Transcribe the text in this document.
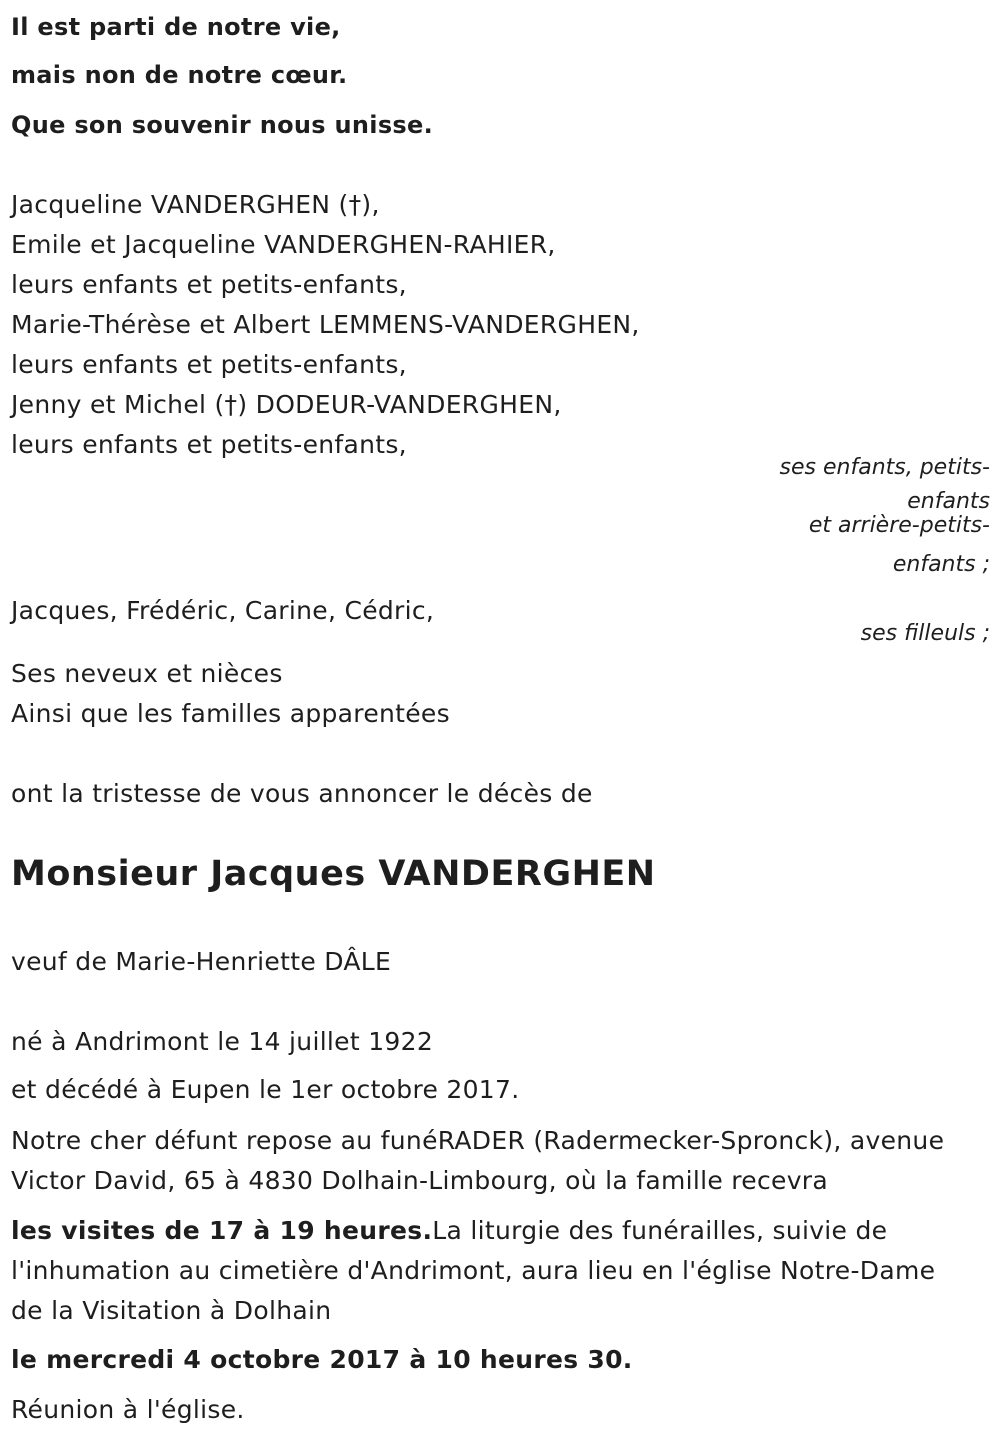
Il est parti de notre vie,

mais non de notre cœur.

Que son souvenir nous unisse.

Jacqueline VANDERGHEN (†),

Emile et Jacqueline VANDERGHEN-RAHIER,

leurs enfants et petits-enfants,

Marie-Thérèse et Albert LEMMENS-VANDERGHEN,

leurs enfants et petits-enfants,

Jenny et Michel (†) DODEUR-VANDERGHEN,

leurs enfants et petits-enfants,

ses enfants, petits-
enfants
et arrière-petits-
enfants ;

Jacques, Frédéric, Carine, Cédric,

ses filleuls ;

Ses neveux et nièces

Ainsi que les familles apparentées

ont la tristesse de vous annoncer le décès de

Monsieur Jacques VANDERGHEN

veuf de Marie-Henriette DÂLE

né à Andrimont le 14 juillet 1922

et décédé à Eupen le 1er octobre 2017.

Notre cher défunt repose au funéRADER (Radermecker-Spronck), avenue

Victor David, 65 à 4830 Dolhain-Limbourg, où la famille recevra

les visites de 17 à 19 heures.La liturgie des funérailles, suivie de

l'inhumation au cimetière d'Andrimont, aura lieu en l'église Notre-Dame

de la Visitation à Dolhain

le mercredi 4 octobre 2017 à 10 heures 30.

Réunion à l'église.
